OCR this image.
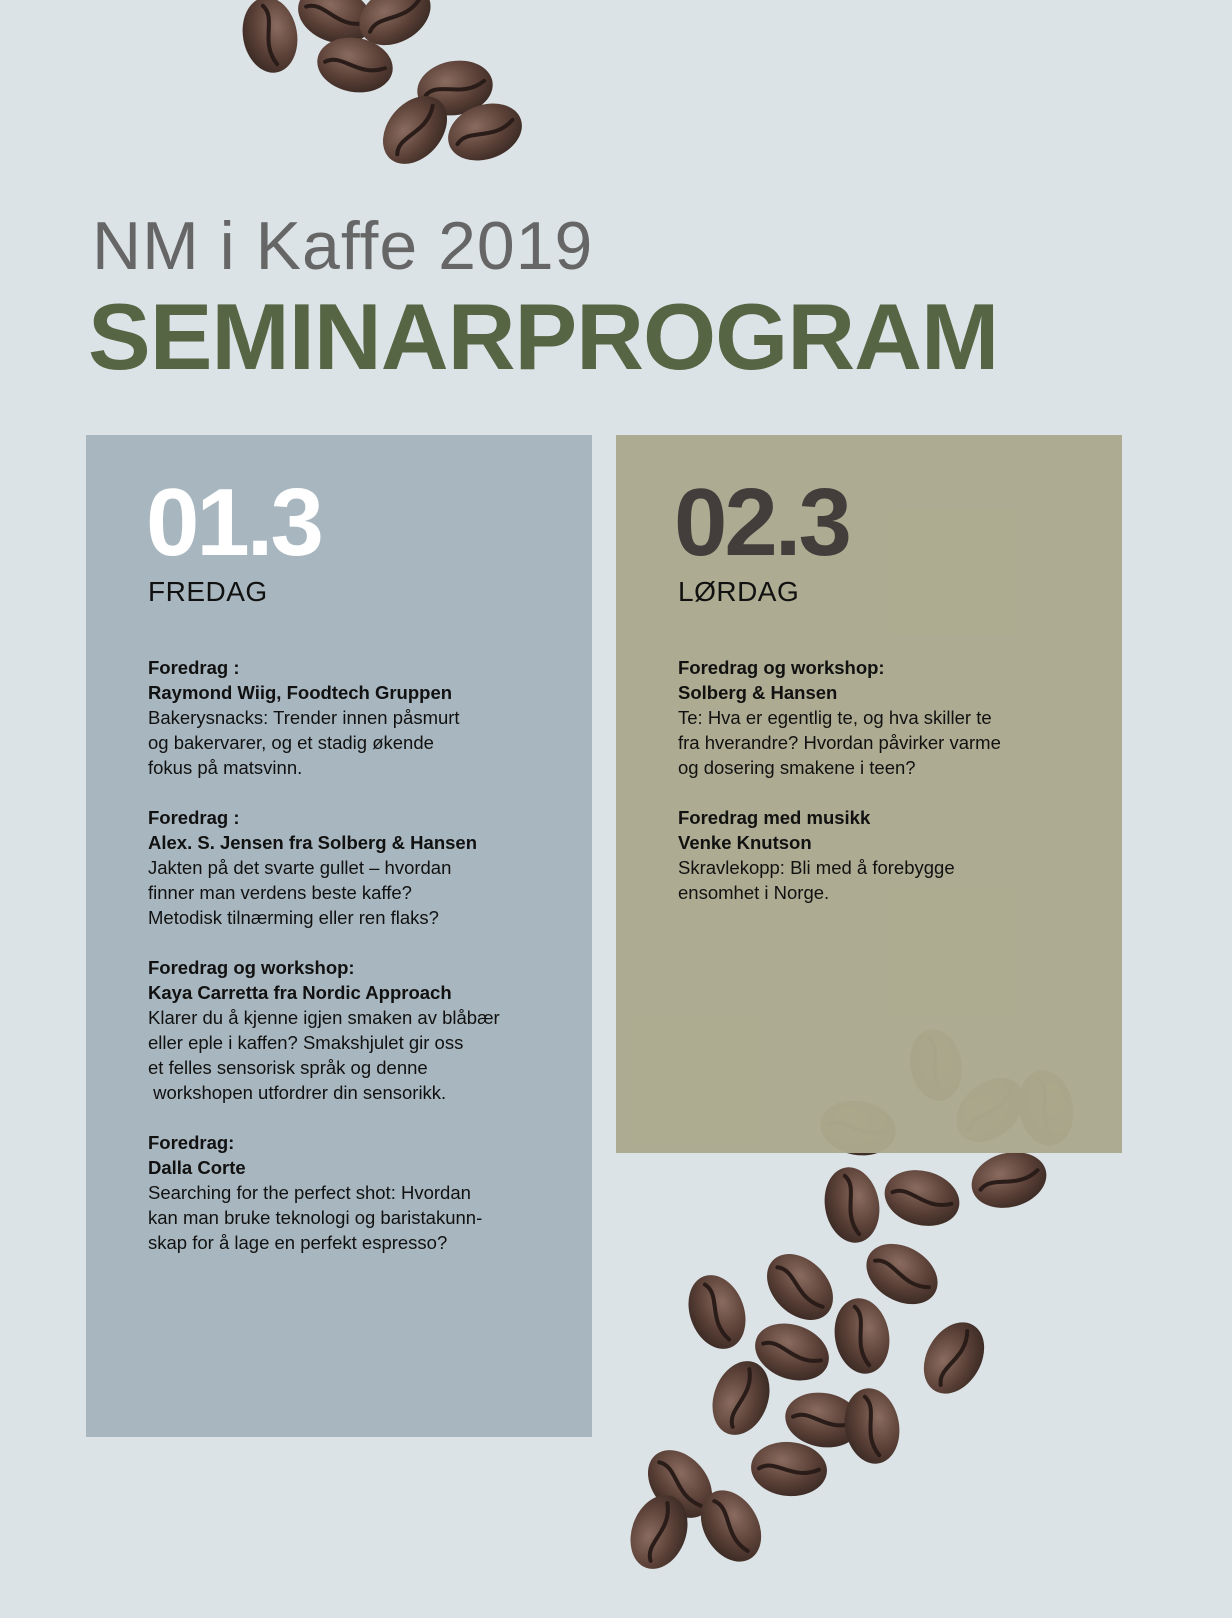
NM i Kaffe 2019
SEMINARPROGRAM
01.3
FREDAG
Foredrag :
Raymond Wiig, Foodtech Gruppen
Bakerysnacks: Trender innen påsmurt
og bakervarer, og et stadig økende
fokus på matsvinn.
Foredrag :
Alex. S. Jensen fra Solberg & Hansen
Jakten på det svarte gullet – hvordan
finner man verdens beste kaffe?
Metodisk tilnærming eller ren flaks?
Foredrag og workshop:
Kaya Carretta fra Nordic Approach
Klarer du å kjenne igjen smaken av blåbær
eller eple i kaffen? Smakshjulet gir oss
et felles sensorisk språk og denne
workshopen utfordrer din sensorikk.
Foredrag:
Dalla Corte
Searching for the perfect shot: Hvordan
kan man bruke teknologi og baristakunn-
skap for å lage en perfekt espresso?
02.3
LØRDAG
Foredrag og workshop:
Solberg & Hansen
Te: Hva er egentlig te, og hva skiller te
fra hverandre? Hvordan påvirker varme
og dosering smakene i teen?
Foredrag med musikk
Venke Knutson
Skravlekopp: Bli med å forebygge
ensomhet i Norge.
